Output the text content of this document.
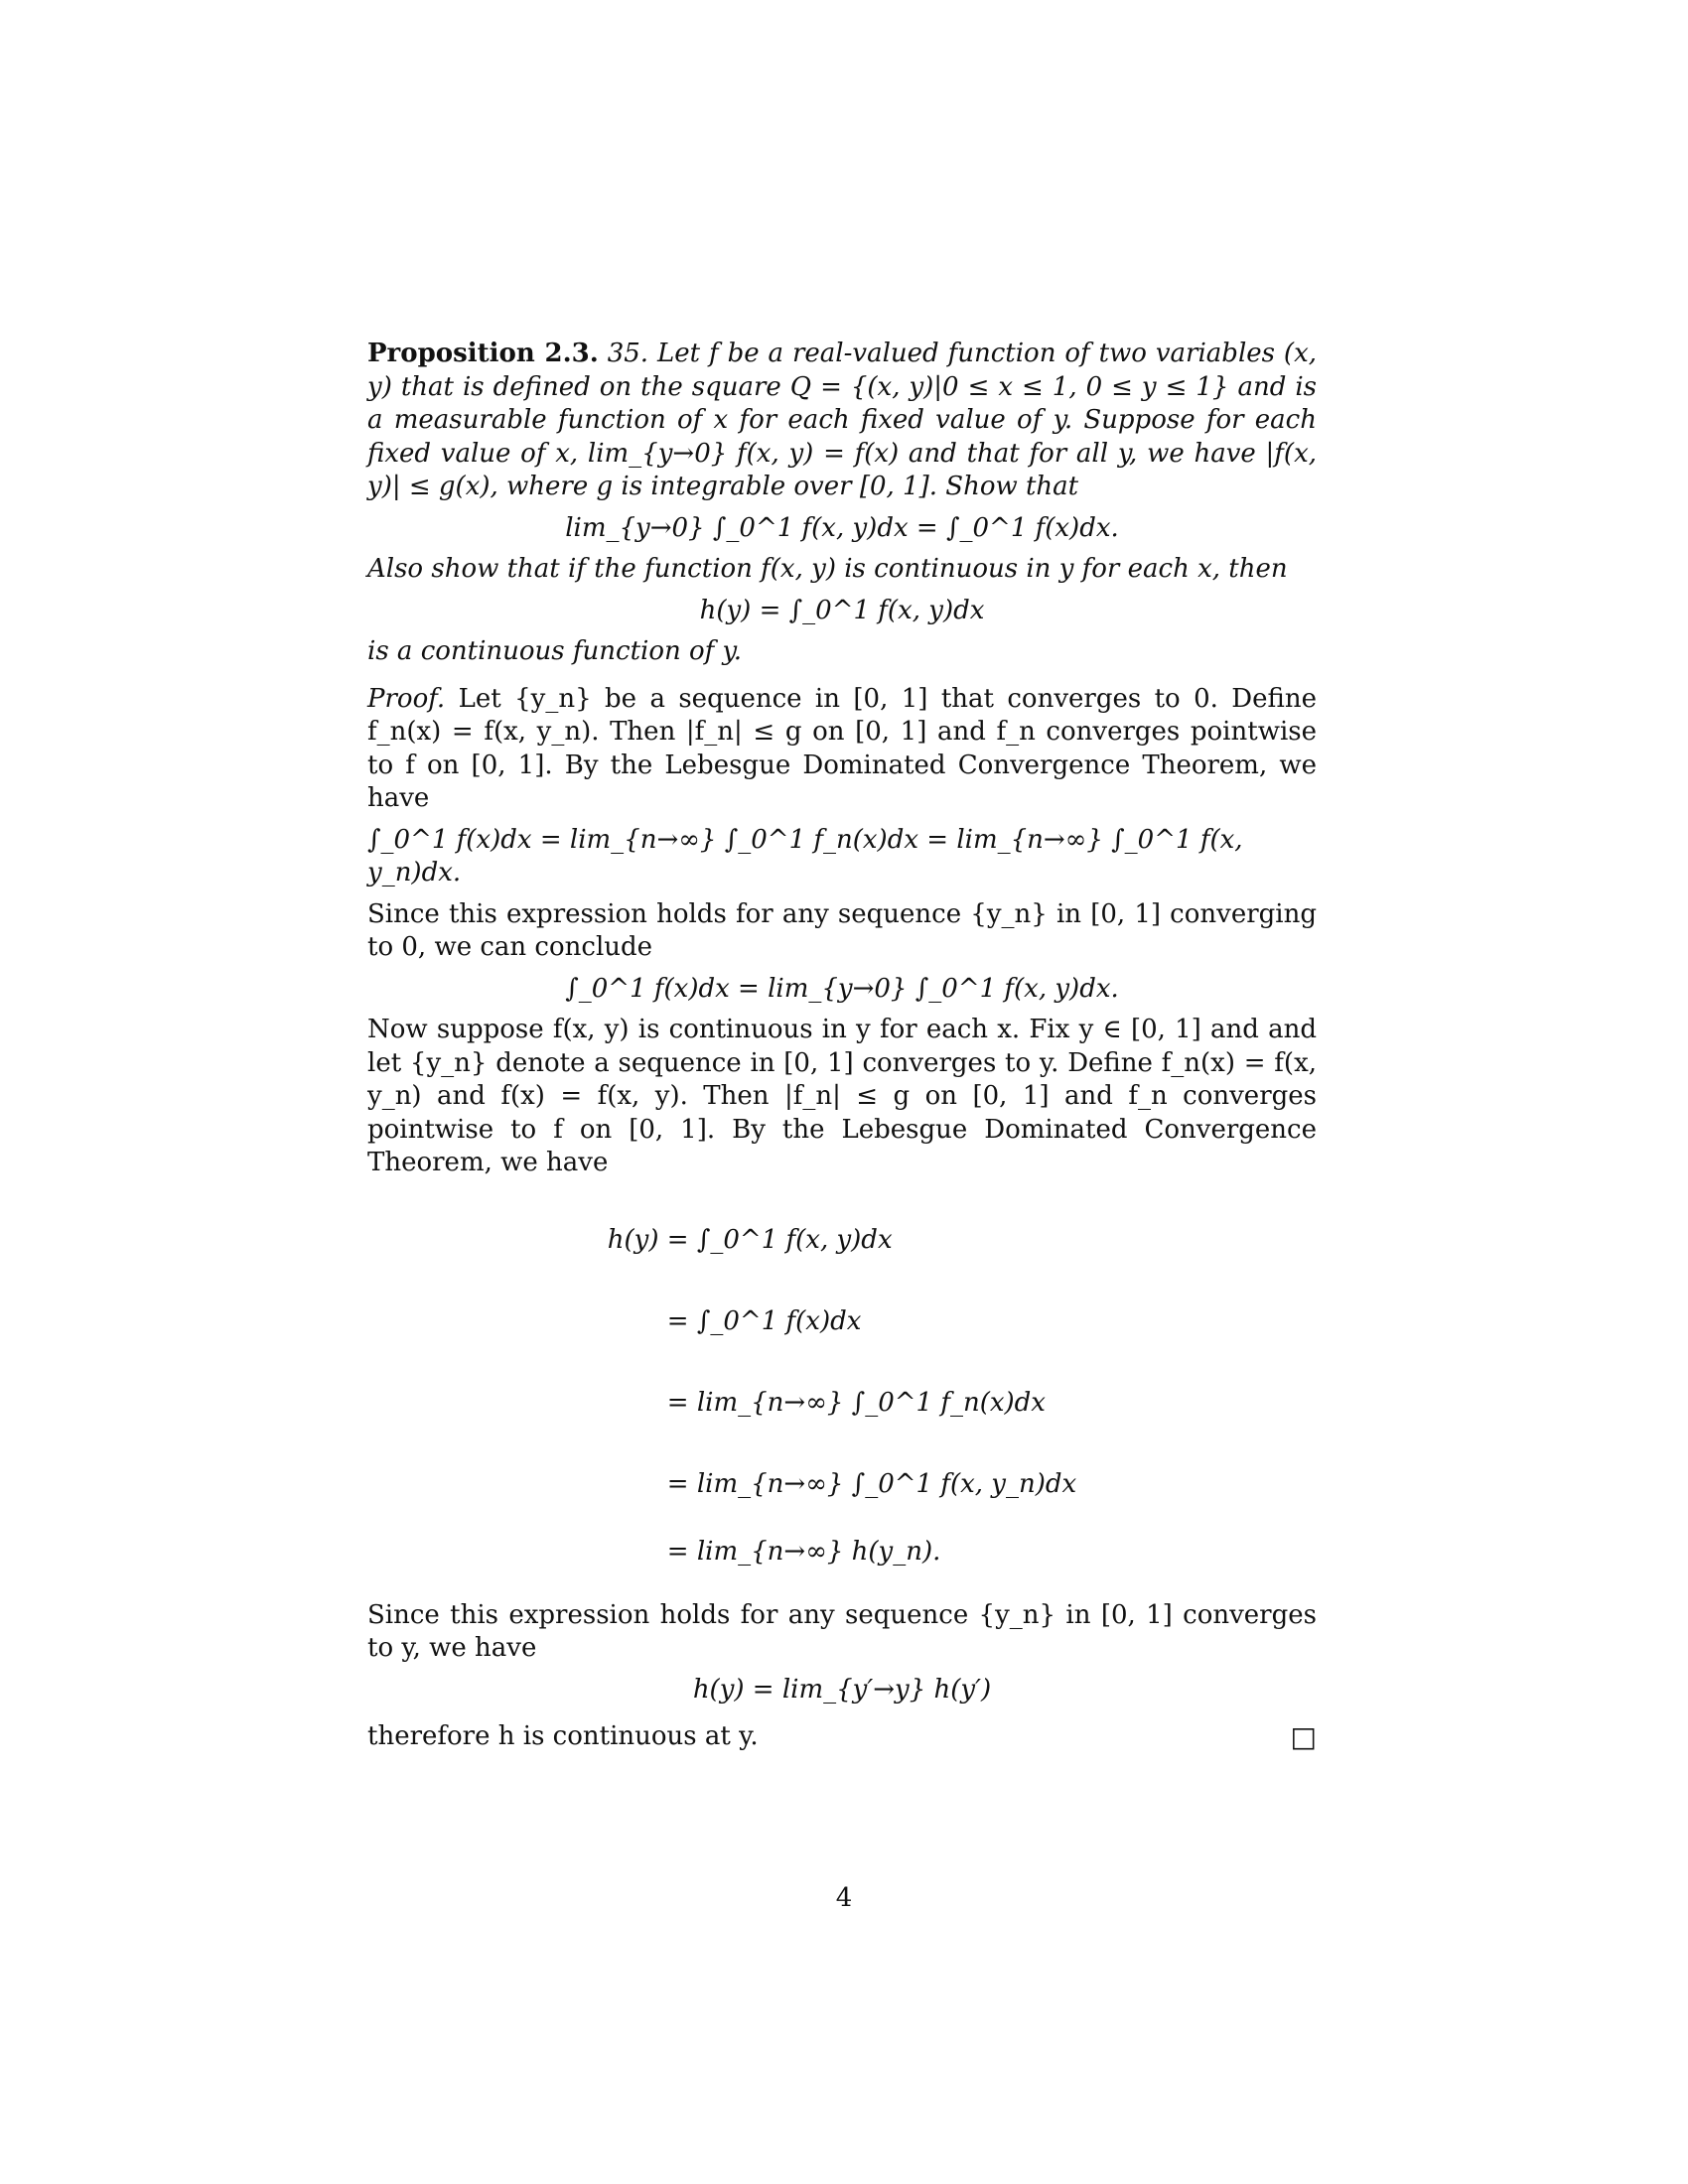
Proposition 2.3. 35. Let f be a real-valued function of two variables (x, y) that is defined on the square Q = {(x, y)|0 ≤ x ≤ 1, 0 ≤ y ≤ 1} and is a measurable function of x for each fixed value of y. Suppose for each fixed value of x, lim_{y→0} f(x, y) = f(x) and that for all y, we have |f(x, y)| ≤ g(x), where g is integrable over [0, 1]. Show that

lim_{y→0} ∫_0^1 f(x, y)dx = ∫_0^1 f(x)dx.

Also show that if the function f(x, y) is continuous in y for each x, then

h(y) = ∫_0^1 f(x, y)dx

is a continuous function of y.

Proof. Let {y_n} be a sequence in [0, 1] that converges to 0. Define f_n(x) = f(x, y_n). Then |f_n| ≤ g on [0, 1] and f_n converges pointwise to f on [0, 1]. By the Lebesgue Dominated Convergence Theorem, we have

∫_0^1 f(x)dx = lim_{n→∞} ∫_0^1 f_n(x)dx = lim_{n→∞} ∫_0^1 f(x, y_n)dx.

Since this expression holds for any sequence {y_n} in [0, 1] converging to 0, we can conclude

∫_0^1 f(x)dx = lim_{y→0} ∫_0^1 f(x, y)dx.

Now suppose f(x, y) is continuous in y for each x. Fix y ∈ [0, 1] and and let {y_n} denote a sequence in [0, 1] converges to y. Define f_n(x) = f(x, y_n) and f(x) = f(x, y). Then |f_n| ≤ g on [0, 1] and f_n converges pointwise to f on [0, 1]. By the Lebesgue Dominated Convergence Theorem, we have

h(y) = ∫_0^1 f(x, y)dx
= ∫_0^1 f(x)dx
= lim_{n→∞} ∫_0^1 f_n(x)dx
= lim_{n→∞} ∫_0^1 f(x, y_n)dx
= lim_{n→∞} h(y_n).

Since this expression holds for any sequence {y_n} in [0, 1] converges to y, we have

h(y) = lim_{y′→y} h(y′)
therefore h is continuous at y.	□
4
